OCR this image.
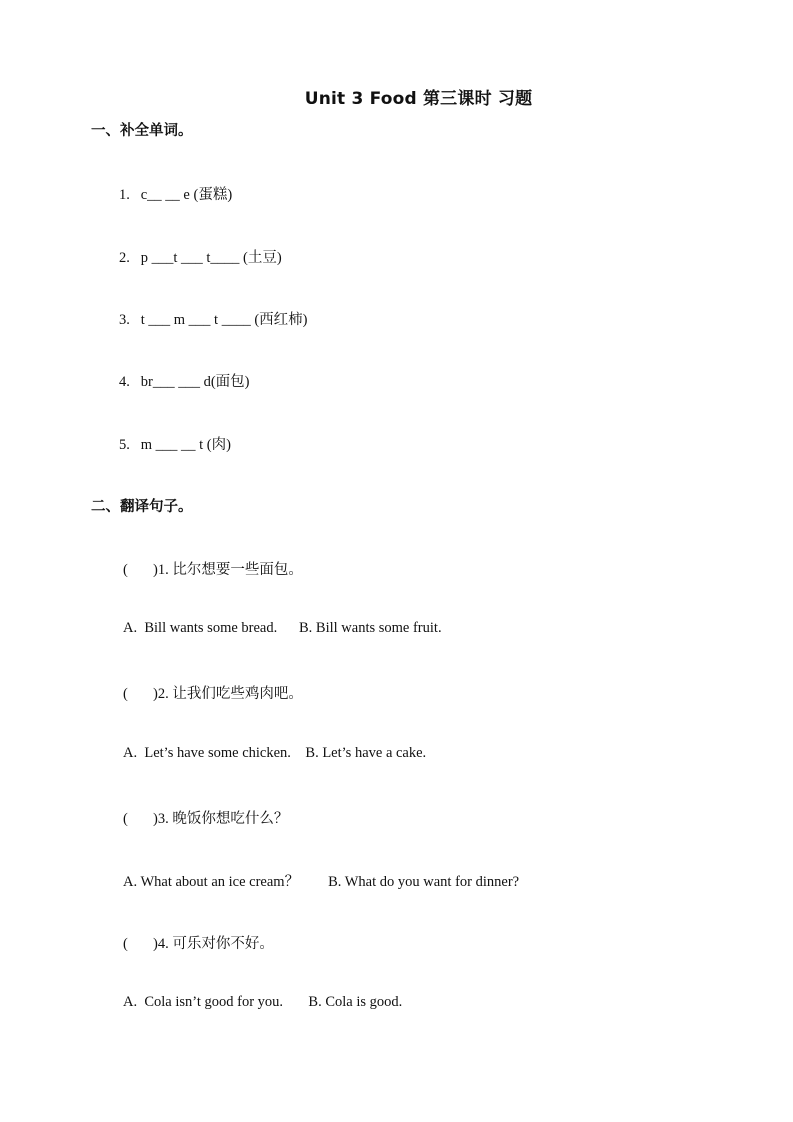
Unit 3 Food 第三课时 习题
一、补全单词。
1.   c__ __ e (蛋糕)
2.   p ___t ___ t____ (土豆)
3.   t ___ m ___ t ____ (西红柿)
4.   br___ ___ d(面包)
5.   m ___ __ t (肉)
二、翻译句子。
( )1. 比尔想要一些面包。
A.  Bill wants some bread.      B. Bill wants some fruit.
( )2. 让我们吃些鸡肉吧。
A.  Let’s have some chicken.    B. Let’s have a cake.
( )3. 晚饭你想吃什么？
A. What about an ice cream？        B. What do you want for dinner?
( )4. 可乐对你不好。
A.  Cola isn’t good for you.       B. Cola is good.
